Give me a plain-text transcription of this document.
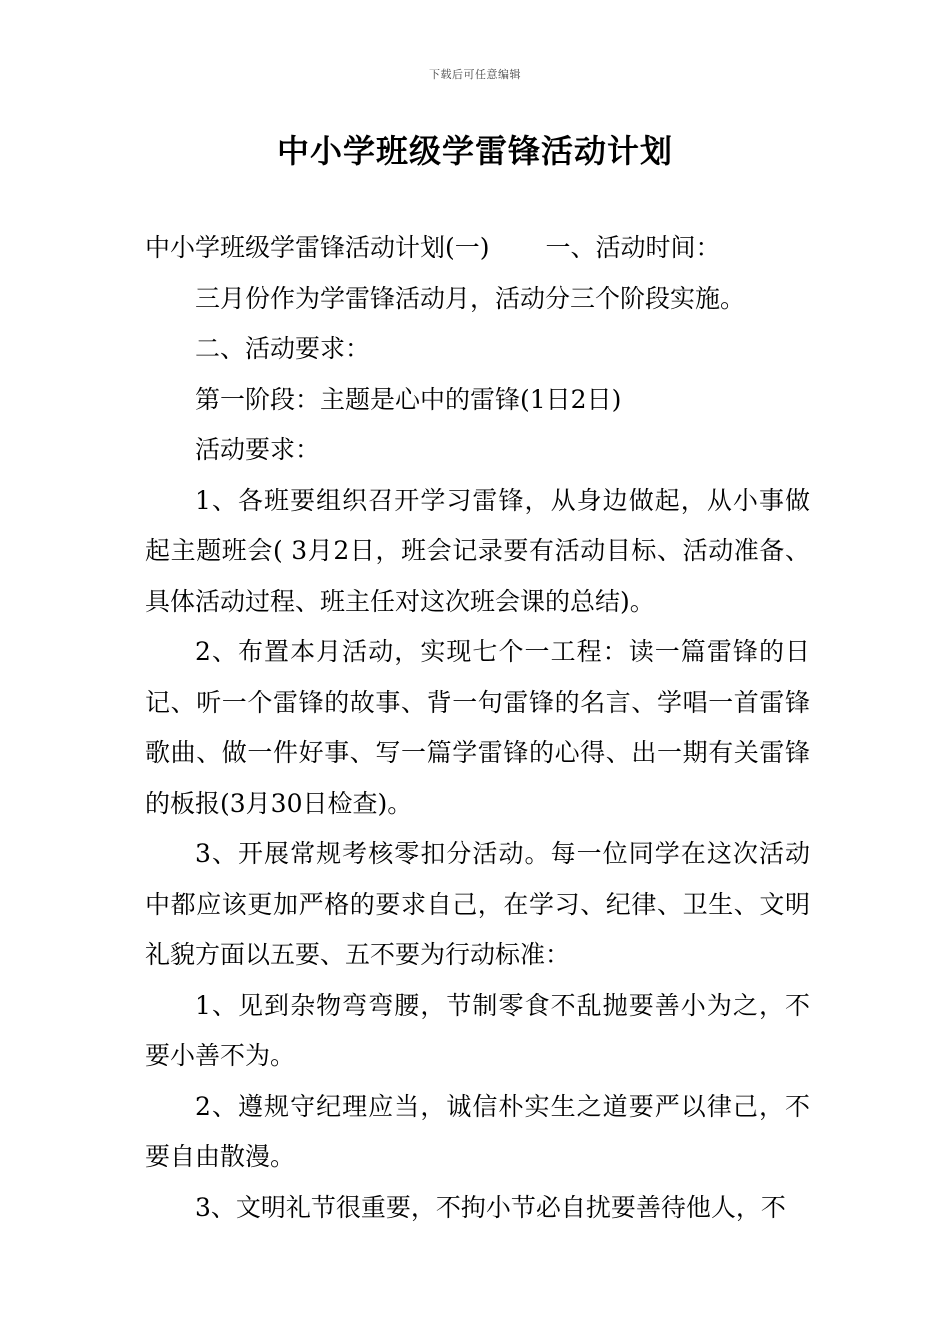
下载后可任意编辑
中小学班级学雷锋活动计划
中小学班级学雷锋活动计划(一) 一、活动时间：

三月份作为学雷锋活动月，活动分三个阶段实施。

二、活动要求：

第一阶段：主题是心中的雷锋(1日2日)

活动要求：

1、各班要组织召开学习雷锋，从身边做起，从小事做起主题班会( 3月2日，班会记录要有活动目标、活动准备、具体活动过程、班主任对这次班会课的总结)。

2、布置本月活动，实现七个一工程：读一篇雷锋的日记、听一个雷锋的故事、背一句雷锋的名言、学唱一首雷锋歌曲、做一件好事、写一篇学雷锋的心得、出一期有关雷锋的板报(3月30日检查)。

3、开展常规考核零扣分活动。每一位同学在这次活动中都应该更加严格的要求自己，在学习、纪律、卫生、文明礼貌方面以五要、五不要为行动标准：

1、见到杂物弯弯腰，节制零食不乱抛要善小为之，不要小善不为。

2、遵规守纪理应当，诚信朴实生之道要严以律己，不要自由散漫。

3、文明礼节很重要，不拘小节必自扰要善待他人，不
